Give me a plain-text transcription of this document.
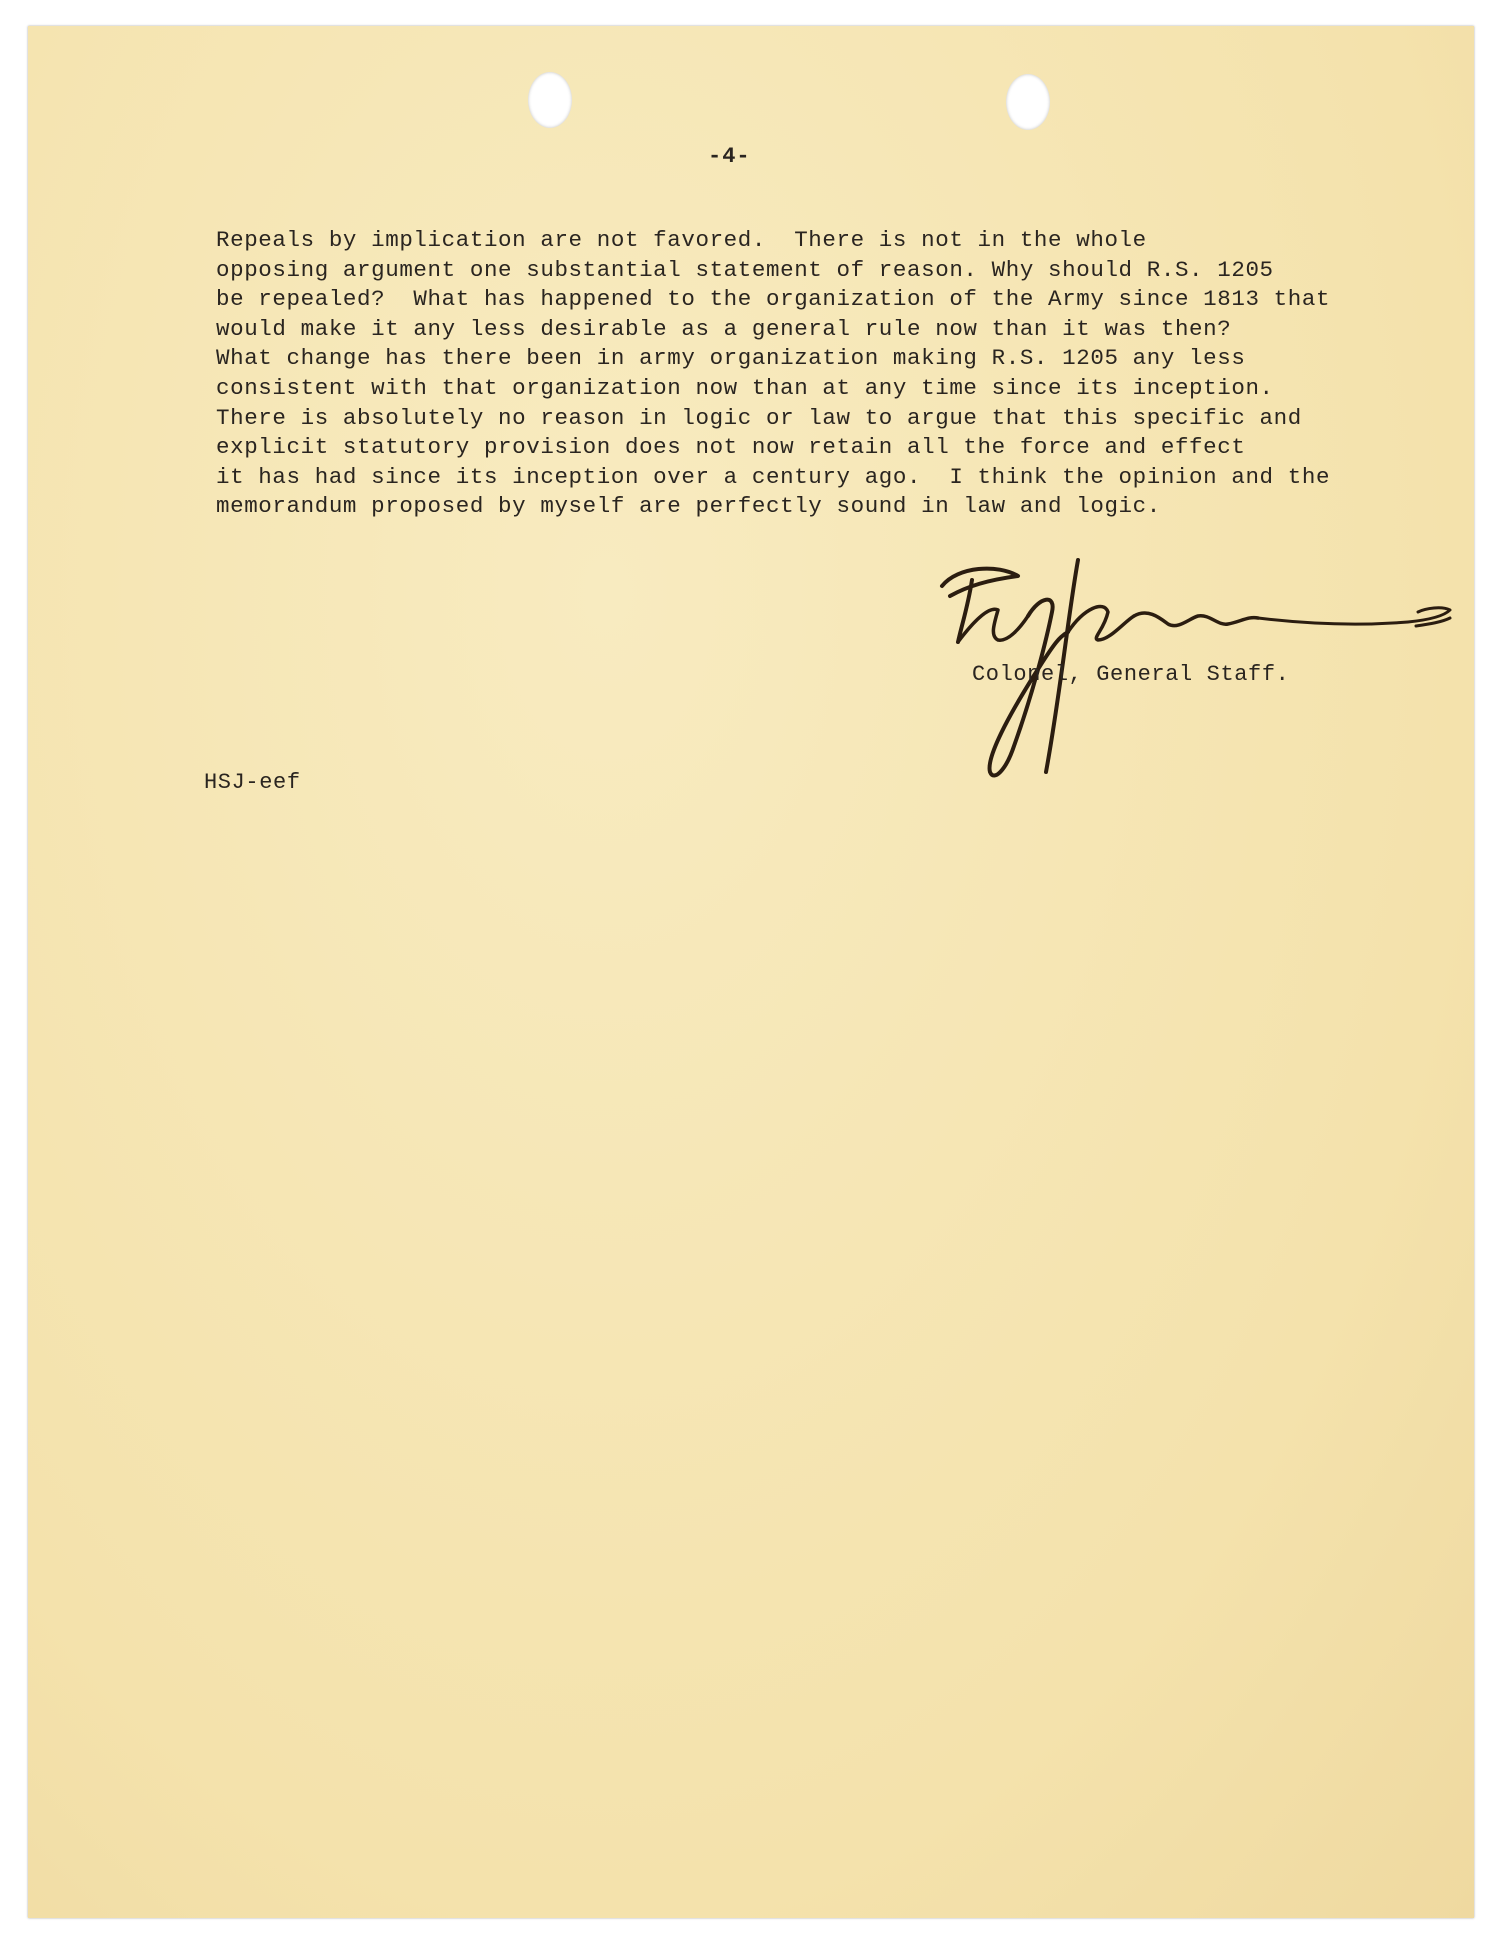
-4-

Repeals by implication are not favored.  There is not in the whole
opposing argument one substantial statement of reason. Why should R.S. 1205
be repealed?  What has happened to the organization of the Army since 1813 that
would make it any less desirable as a general rule now than it was then?
What change has there been in army organization making R.S. 1205 any less
consistent with that organization now than at any time since its inception.
There is absolutely no reason in logic or law to argue that this specific and
explicit statutory provision does not now retain all the force and effect
it has had since its inception over a century ago.  I think the opinion and the
memorandum proposed by myself are perfectly sound in law and logic.

Colonel, General Staff.
HSJ-eef
